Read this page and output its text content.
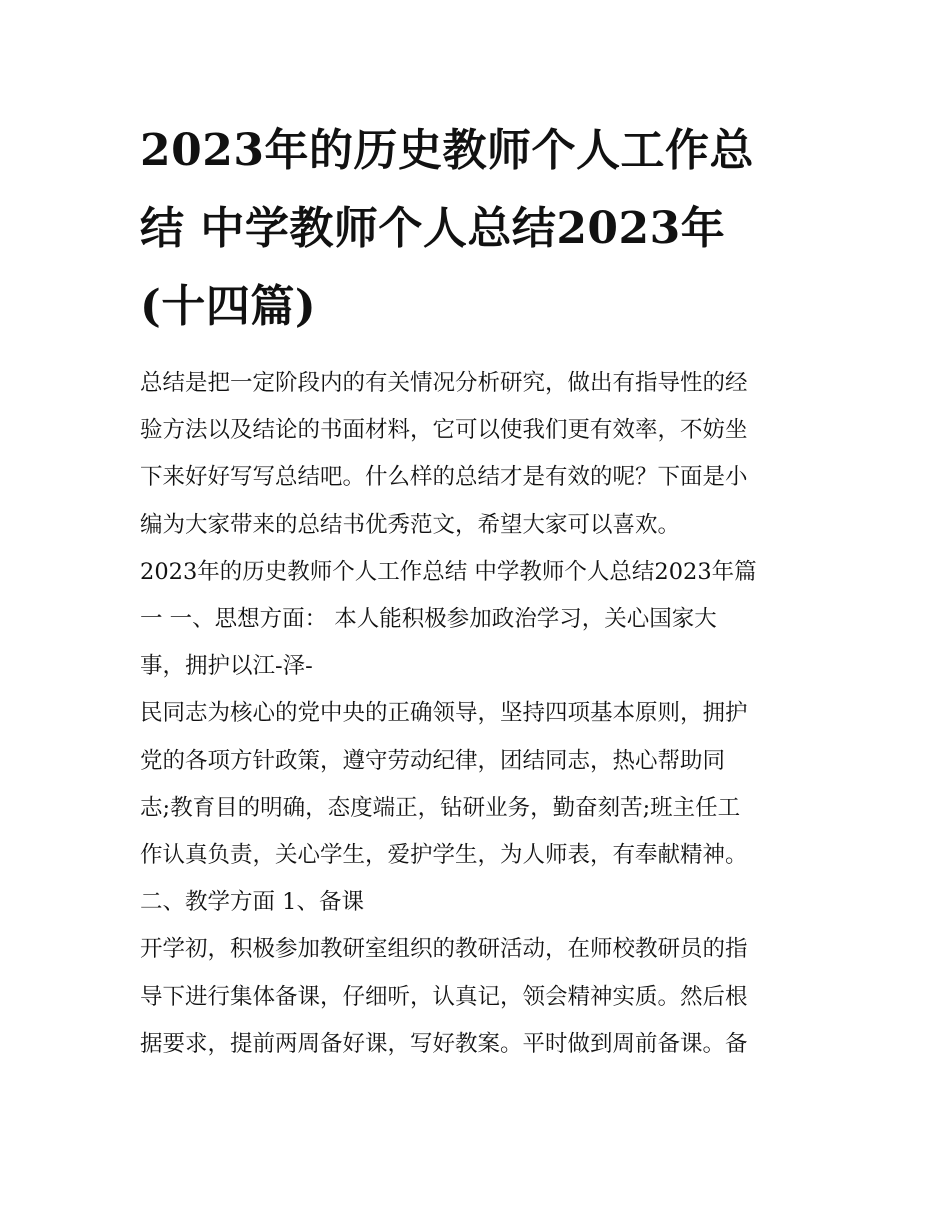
2023年的历史教师个人工作总
结 中学教师个人总结2023年
(十四篇)
总结是把一定阶段内的有关情况分析研究，做出有指导性的经
验方法以及结论的书面材料，它可以使我们更有效率，不妨坐
下来好好写写总结吧。什么样的总结才是有效的呢？下面是小
编为大家带来的总结书优秀范文，希望大家可以喜欢。
2023年的历史教师个人工作总结 中学教师个人总结2023年篇
一 一、思想方面： 本人能积极参加政治学习，关心国家大
事，拥护以江-泽-
民同志为核心的党中央的正确领导，坚持四项基本原则，拥护
党的各项方针政策，遵守劳动纪律，团结同志，热心帮助同
志;教育目的明确，态度端正，钻研业务，勤奋刻苦;班主任工
作认真负责，关心学生，爱护学生，为人师表，有奉献精神。
二、教学方面 1、备课
开学初，积极参加教研室组织的教研活动，在师校教研员的指
导下进行集体备课，仔细听，认真记，领会精神实质。然后根
据要求，提前两周备好课，写好教案。平时做到周前备课。备
